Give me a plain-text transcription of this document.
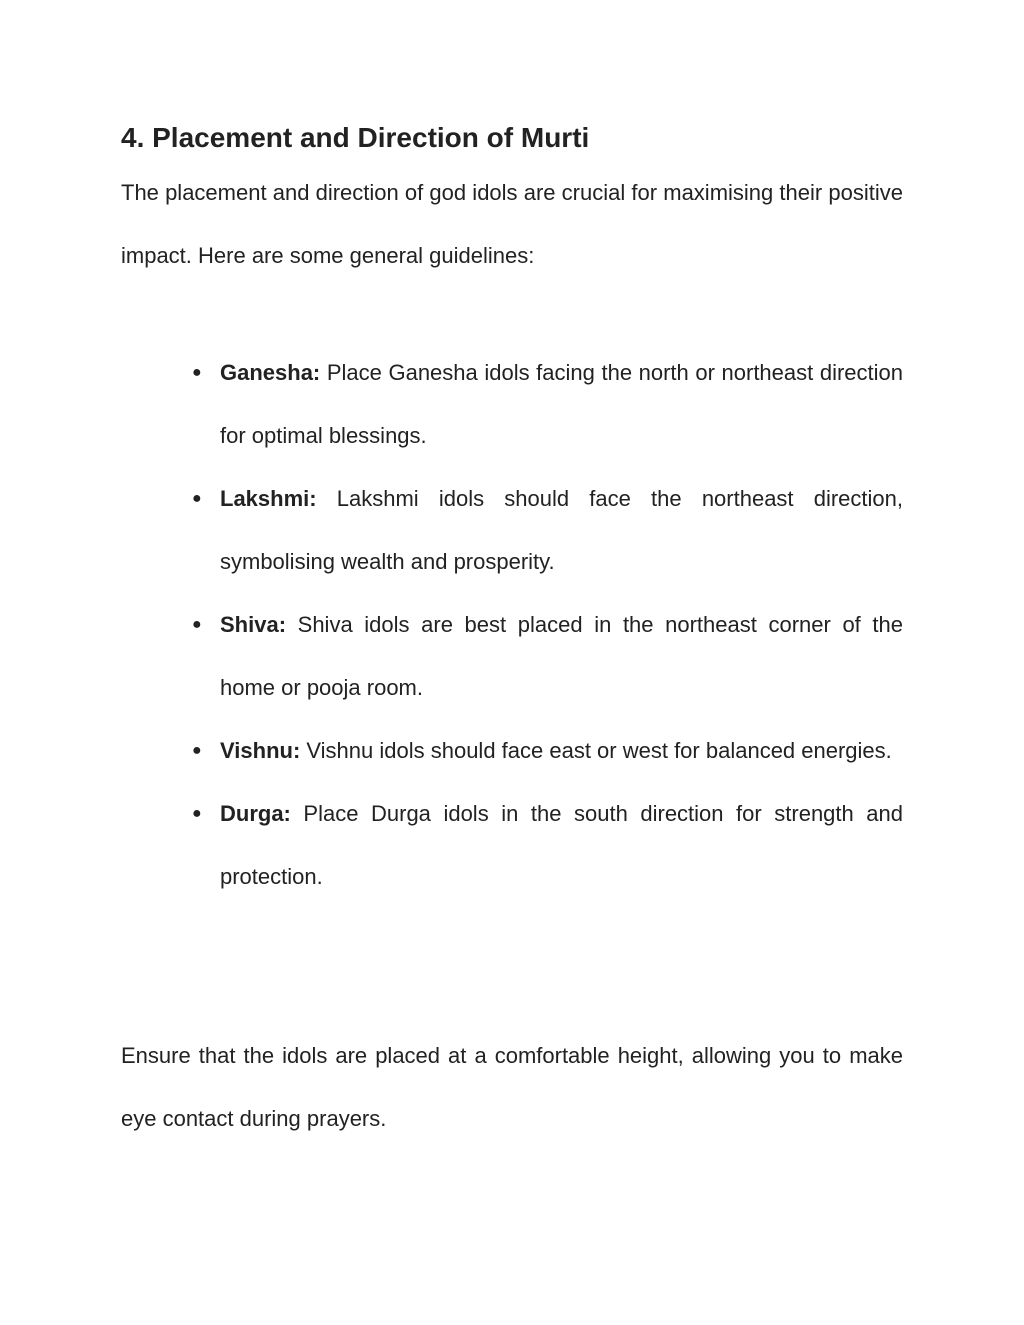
4. Placement and Direction of Murti

The placement and direction of god idols are crucial for maximising their positive impact. Here are some general guidelines:

● Ganesha: Place Ganesha idols facing the north or northeast direction for optimal blessings.
● Lakshmi: Lakshmi idols should face the northeast direction, symbolising wealth and prosperity.
● Shiva: Shiva idols are best placed in the northeast corner of the home or pooja room.
● Vishnu: Vishnu idols should face east or west for balanced energies.
● Durga: Place Durga idols in the south direction for strength and protection.

Ensure that the idols are placed at a comfortable height, allowing you to make eye contact during prayers.
